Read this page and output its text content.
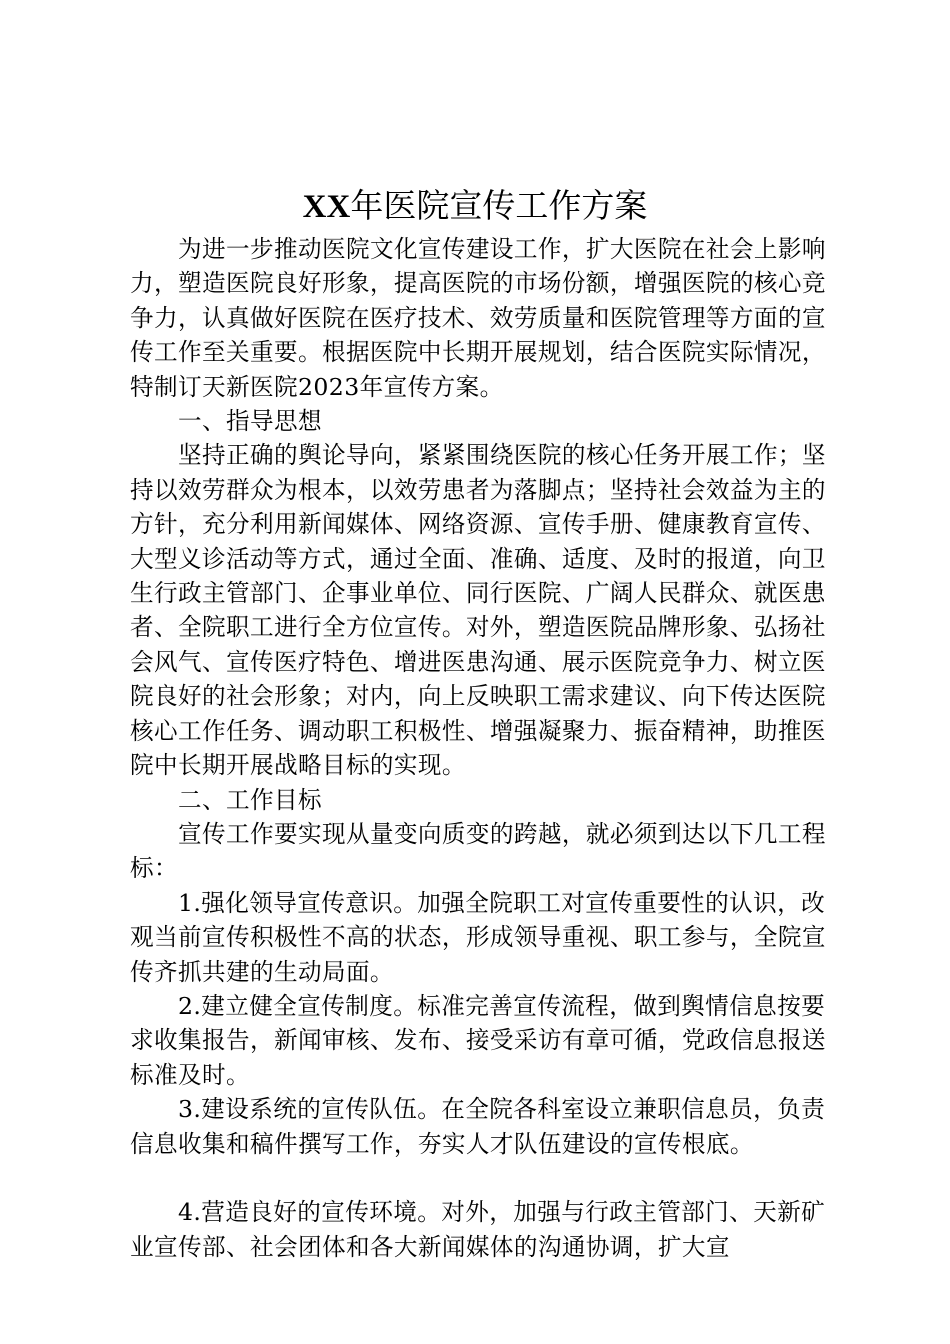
XX年医院宣传工作方案

为进一步推动医院文化宣传建设工作，扩大医院在社会上影响力，塑造医院良好形象，提高医院的市场份额，增强医院的核心竞争力，认真做好医院在医疗技术、效劳质量和医院管理等方面的宣传工作至关重要。根据医院中长期开展规划，结合医院实际情况，特制订天新医院2023年宣传方案。

一、指导思想

坚持正确的舆论导向，紧紧围绕医院的核心任务开展工作；坚持以效劳群众为根本，以效劳患者为落脚点；坚持社会效益为主的方针，充分利用新闻媒体、网络资源、宣传手册、健康教育宣传、大型义诊活动等方式，通过全面、准确、适度、及时的报道，向卫生行政主管部门、企事业单位、同行医院、广阔人民群众、就医患者、全院职工进行全方位宣传。对外，塑造医院品牌形象、弘扬社会风气、宣传医疗特色、增进医患沟通、展示医院竞争力、树立医院良好的社会形象；对内，向上反映职工需求建议、向下传达医院核心工作任务、调动职工积极性、增强凝聚力、振奋精神，助推医院中长期开展战略目标的实现。

二、工作目标

宣传工作要实现从量变向质变的跨越，就必须到达以下几工程标：

1.强化领导宣传意识。加强全院职工对宣传重要性的认识，改观当前宣传积极性不高的状态，形成领导重视、职工参与，全院宣传齐抓共建的生动局面。

2.建立健全宣传制度。标准完善宣传流程，做到舆情信息按要求收集报告，新闻审核、发布、接受采访有章可循，党政信息报送标准及时。

3.建设系统的宣传队伍。在全院各科室设立兼职信息员，负责信息收集和稿件撰写工作，夯实人才队伍建设的宣传根底。

4.营造良好的宣传环境。对外，加强与行政主管部门、天新矿业宣传部、社会团体和各大新闻媒体的沟通协调，扩大宣
